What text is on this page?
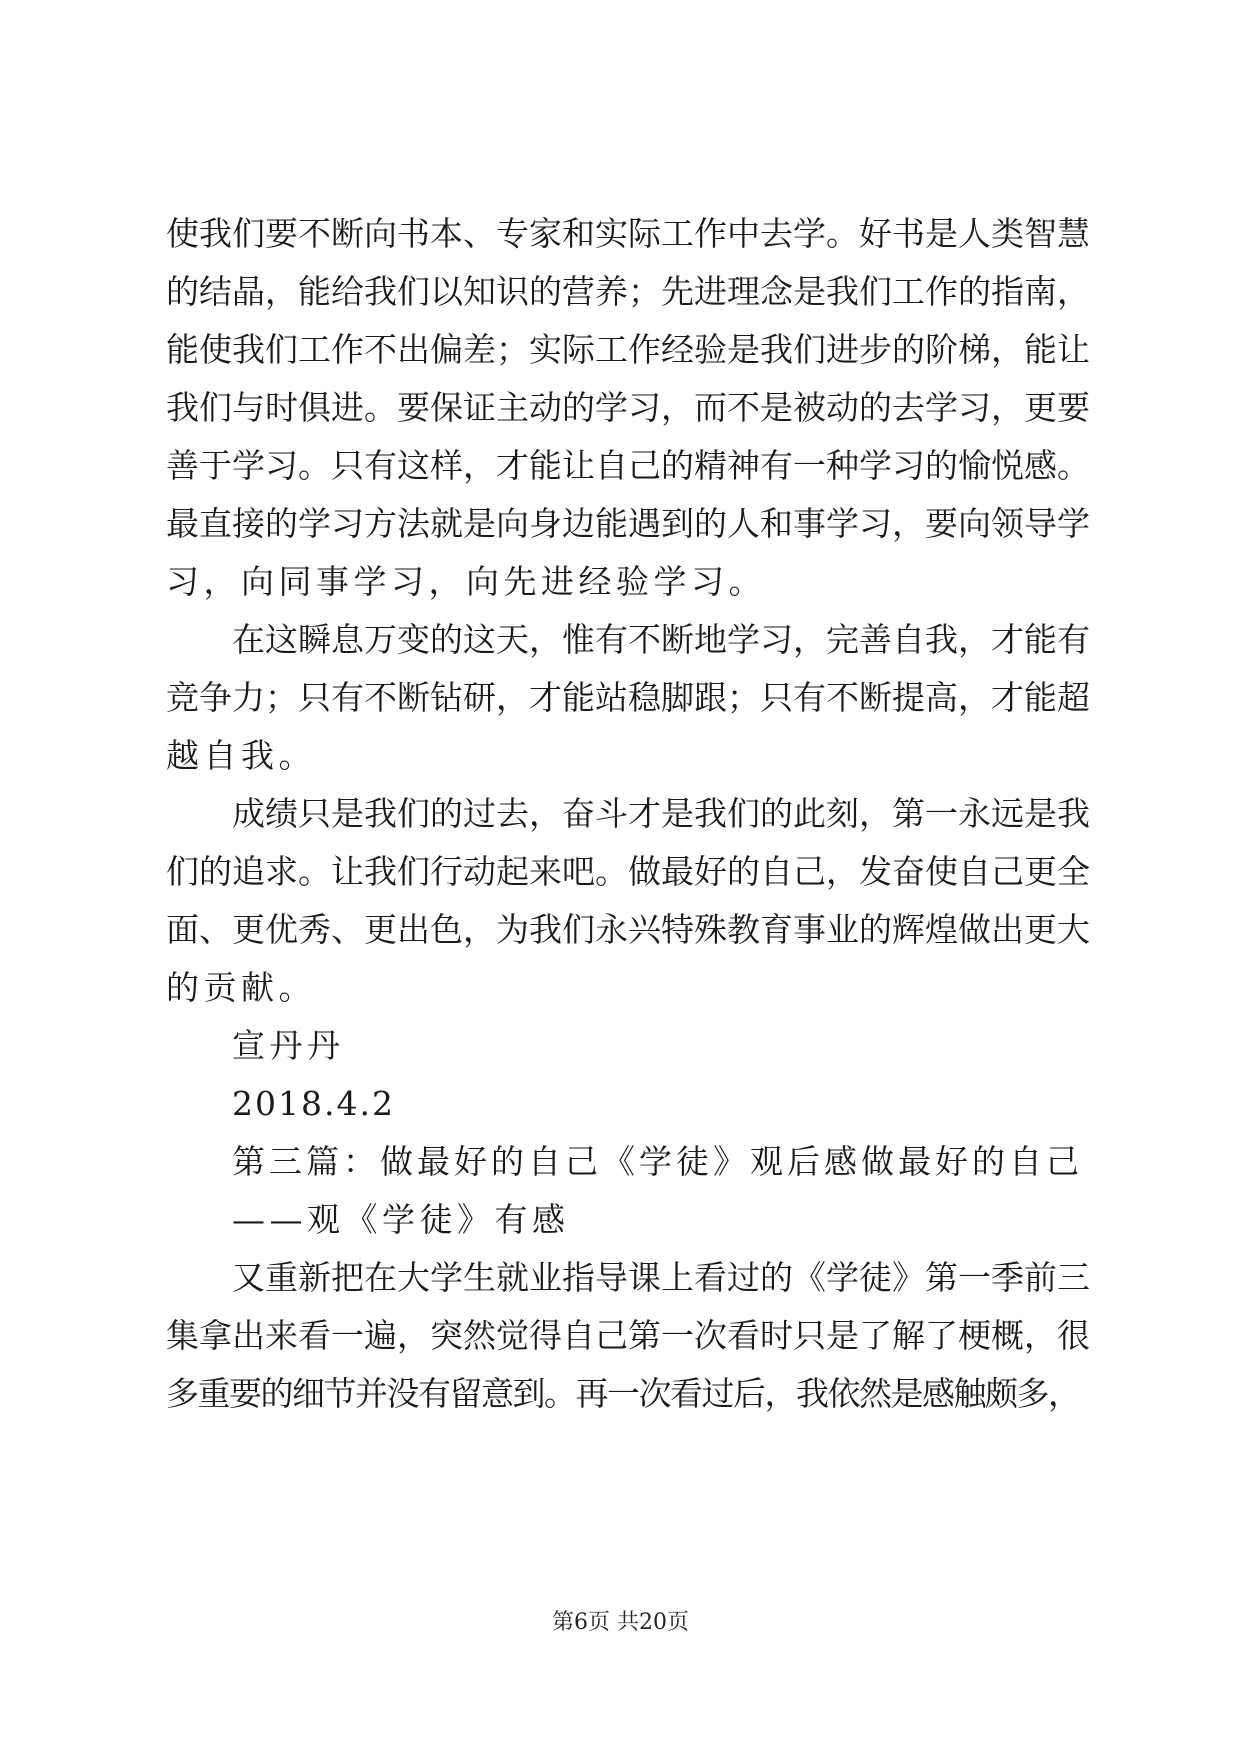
使我们要不断向书本、专家和实际工作中去学。好书是人类智慧
的结晶，能给我们以知识的营养；先进理念是我们工作的指南，
能使我们工作不出偏差；实际工作经验是我们进步的阶梯，能让
我们与时俱进。要保证主动的学习，而不是被动的去学习，更要
善于学习。只有这样，才能让自己的精神有一种学习的愉悦感。
最直接的学习方法就是向身边能遇到的人和事学习，要向领导学
习，向同事学习，向先进经验学习。
在这瞬息万变的这天，惟有不断地学习，完善自我，才能有
竞争力；只有不断钻研，才能站稳脚跟；只有不断提高，才能超
越自我。
成绩只是我们的过去，奋斗才是我们的此刻，第一永远是我
们的追求。让我们行动起来吧。做最好的自己，发奋使自己更全
面、更优秀、更出色，为我们永兴特殊教育事业的辉煌做出更大
的贡献。
宣丹丹
2018.4.2
第三篇：做最好的自己《学徒》观后感做最好的自己
——观《学徒》有感
又重新把在大学生就业指导课上看过的《学徒》第一季前三
集拿出来看一遍，突然觉得自己第一次看时只是了解了梗概，很
多重要的细节并没有留意到。再一次看过后，我依然是感触颇多，
第6页 共20页
